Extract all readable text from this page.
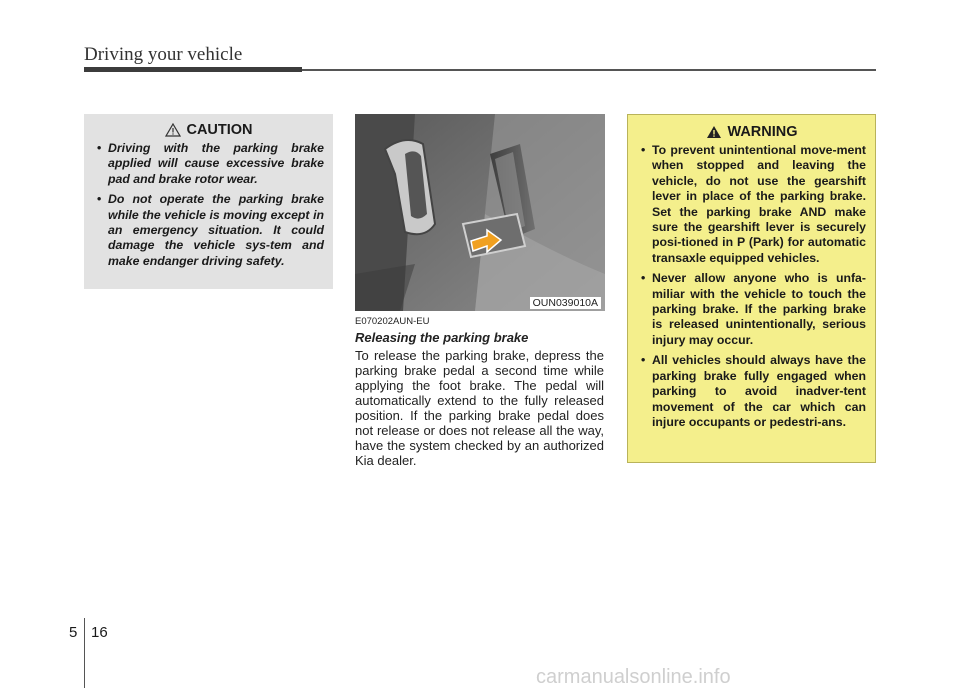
Driving your vehicle
CAUTION
• Driving with the parking brake applied will cause excessive brake pad and brake rotor wear.
• Do not operate the parking brake while the vehicle is moving except in an emergency situation. It could damage the vehicle sys-tem and make endanger driving safety.
OUN039010A
E070202AUN-EU
Releasing the parking brake
To release the parking brake, depress the parking brake pedal a second time while applying the foot brake. The pedal will automatically extend to the fully released position. If the parking brake pedal does not release or does not release all the way, have the system checked by an authorized Kia dealer.
WARNING
• To prevent unintentional move-ment when stopped and leaving the vehicle, do not use the gearshift lever in place of the parking brake. Set the parking brake AND make sure the gearshift lever is securely posi-tioned in P (Park) for automatic transaxle equipped vehicles.
• Never allow anyone who is unfa-miliar with the vehicle to touch the parking brake. If the parking brake is released unintentionally, serious injury may occur.
• All vehicles should always have the parking brake fully engaged when parking to avoid inadver-tent movement of the car which can injure occupants or pedestri-ans.
5 16
carmanualsonline.info
